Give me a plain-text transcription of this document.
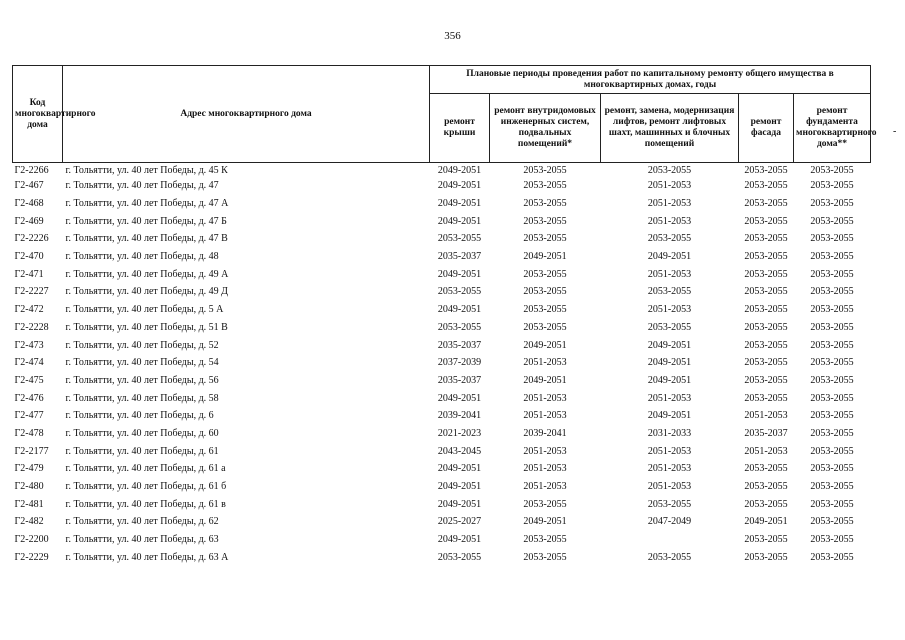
356
Код многоквартирного дома	Адрес многоквартирного дома	Плановые периоды проведения работ по капитальному ремонту общего имущества в многоквартирных домах, годы				
		ремонт крыши	ремонт внутридомовых инженерных систем, подвальных помещений*	ремонт, замена, модернизация лифтов, ремонт лифтовых шахт, машинных и блочных помещений	ремонт фасада	ремонт фундамента многоквартирного дома**
Г2-2266	г. Тольятти, ул. 40 лет Победы, д. 45 К	2049-2051	2053-2055	2053-2055	2053-2055	2053-2055
Г2-467	г. Тольятти, ул. 40 лет Победы, д. 47	2049-2051	2053-2055	2051-2053	2053-2055	2053-2055
Г2-468	г. Тольятти, ул. 40 лет Победы, д. 47 А	2049-2051	2053-2055	2051-2053	2053-2055	2053-2055
Г2-469	г. Тольятти, ул. 40 лет Победы, д. 47 Б	2049-2051	2053-2055	2051-2053	2053-2055	2053-2055
Г2-2226	г. Тольятти, ул. 40 лет Победы, д. 47 В	2053-2055	2053-2055	2053-2055	2053-2055	2053-2055
Г2-470	г. Тольятти, ул. 40 лет Победы, д. 48	2035-2037	2049-2051	2049-2051	2053-2055	2053-2055
Г2-471	г. Тольятти, ул. 40 лет Победы, д. 49 А	2049-2051	2053-2055	2051-2053	2053-2055	2053-2055
Г2-2227	г. Тольятти, ул. 40 лет Победы, д. 49 Д	2053-2055	2053-2055	2053-2055	2053-2055	2053-2055
Г2-472	г. Тольятти, ул. 40 лет Победы, д. 5 А	2049-2051	2053-2055	2051-2053	2053-2055	2053-2055
Г2-2228	г. Тольятти, ул. 40 лет Победы, д. 51 В	2053-2055	2053-2055	2053-2055	2053-2055	2053-2055
Г2-473	г. Тольятти, ул. 40 лет Победы, д. 52	2035-2037	2049-2051	2049-2051	2053-2055	2053-2055
Г2-474	г. Тольятти, ул. 40 лет Победы, д. 54	2037-2039	2051-2053	2049-2051	2053-2055	2053-2055
Г2-475	г. Тольятти, ул. 40 лет Победы, д. 56	2035-2037	2049-2051	2049-2051	2053-2055	2053-2055
Г2-476	г. Тольятти, ул. 40 лет Победы, д. 58	2049-2051	2051-2053	2051-2053	2053-2055	2053-2055
Г2-477	г. Тольятти, ул. 40 лет Победы, д. 6	2039-2041	2051-2053	2049-2051	2051-2053	2053-2055
Г2-478	г. Тольятти, ул. 40 лет Победы, д. 60	2021-2023	2039-2041	2031-2033	2035-2037	2053-2055
Г2-2177	г. Тольятти, ул. 40 лет Победы, д. 61	2043-2045	2051-2053	2051-2053	2051-2053	2053-2055
Г2-479	г. Тольятти, ул. 40 лет Победы, д. 61 а	2049-2051	2051-2053	2051-2053	2053-2055	2053-2055
Г2-480	г. Тольятти, ул. 40 лет Победы, д. 61 б	2049-2051	2051-2053	2051-2053	2053-2055	2053-2055
Г2-481	г. Тольятти, ул. 40 лет Победы, д. 61 в	2049-2051	2053-2055	2053-2055	2053-2055	2053-2055
Г2-482	г. Тольятти, ул. 40 лет Победы, д. 62	2025-2027	2049-2051	2047-2049	2049-2051	2053-2055
Г2-2200	г. Тольятти, ул. 40 лет Победы, д. 63	2049-2051	2053-2055		2053-2055	2053-2055
Г2-2229	г. Тольятти, ул. 40 лет Победы, д. 63 А	2053-2055	2053-2055	2053-2055	2053-2055	2053-2055
-
